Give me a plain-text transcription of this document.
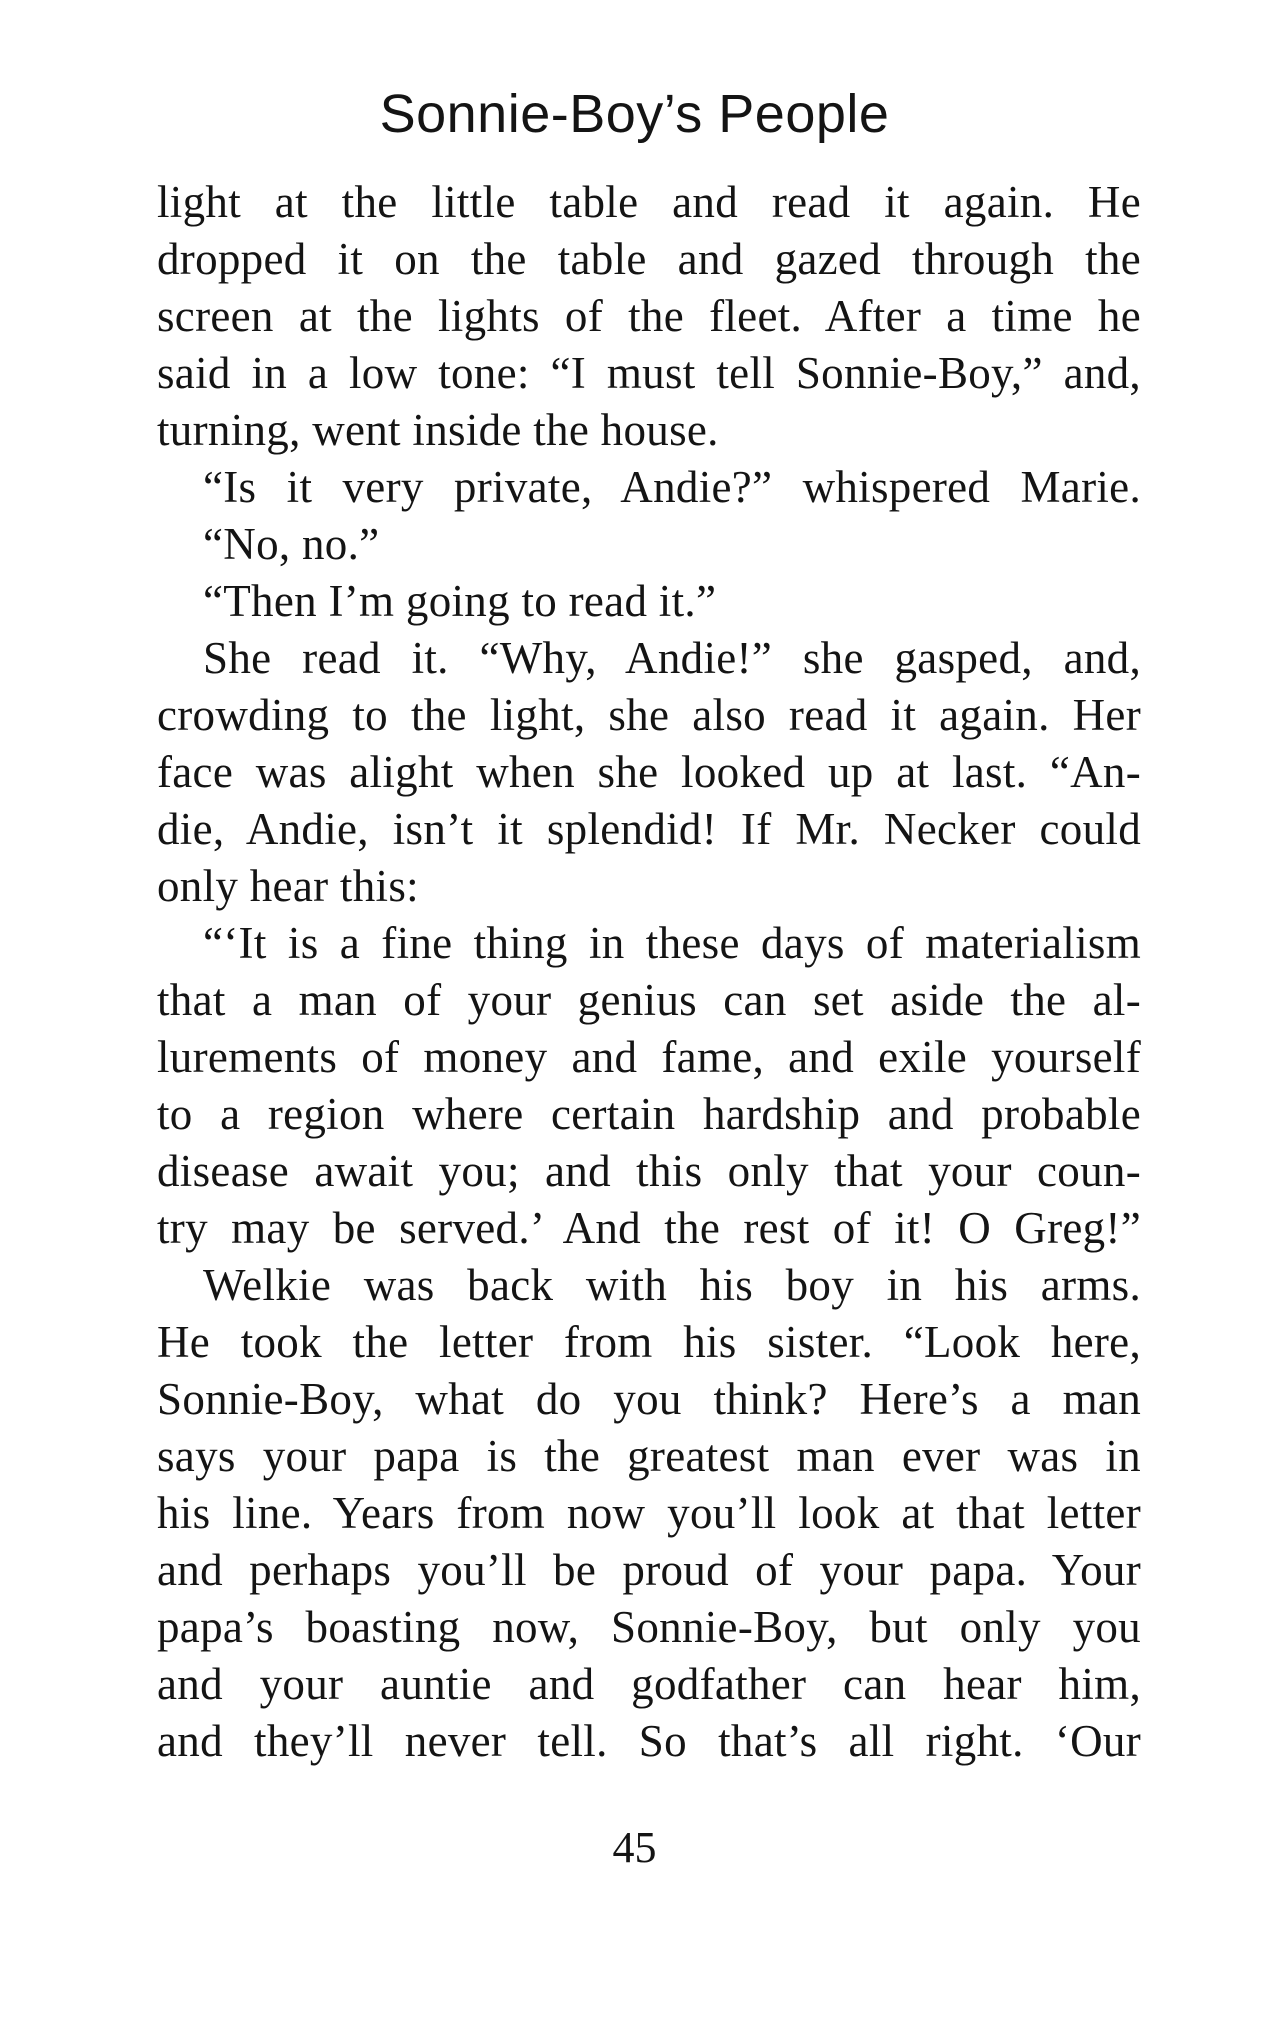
Sonnie-Boy’s People
light at the little table and read it again. He
dropped it on the table and gazed through the
screen at the lights of the fleet. After a time he
said in a low tone: “I must tell Sonnie-Boy,” and,
turning, went inside the house.
“Is it very private, Andie?” whispered Marie.
“No, no.”
“Then I’m going to read it.”
She read it. “Why, Andie!” she gasped, and,
crowding to the light, she also read it again. Her
face was alight when she looked up at last. “An-
die, Andie, isn’t it splendid! If Mr. Necker could
only hear this:
“‘It is a fine thing in these days of materialism
that a man of your genius can set aside the al-
lurements of money and fame, and exile yourself
to a region where certain hardship and probable
disease await you; and this only that your coun-
try may be served.’ And the rest of it! O Greg!”
Welkie was back with his boy in his arms.
He took the letter from his sister. “Look here,
Sonnie-Boy, what do you think? Here’s a man
says your papa is the greatest man ever was in
his line. Years from now you’ll look at that letter
and perhaps you’ll be proud of your papa. Your
papa’s boasting now, Sonnie-Boy, but only you
and your auntie and godfather can hear him,
and they’ll never tell. So that’s all right. ‘Our
45
